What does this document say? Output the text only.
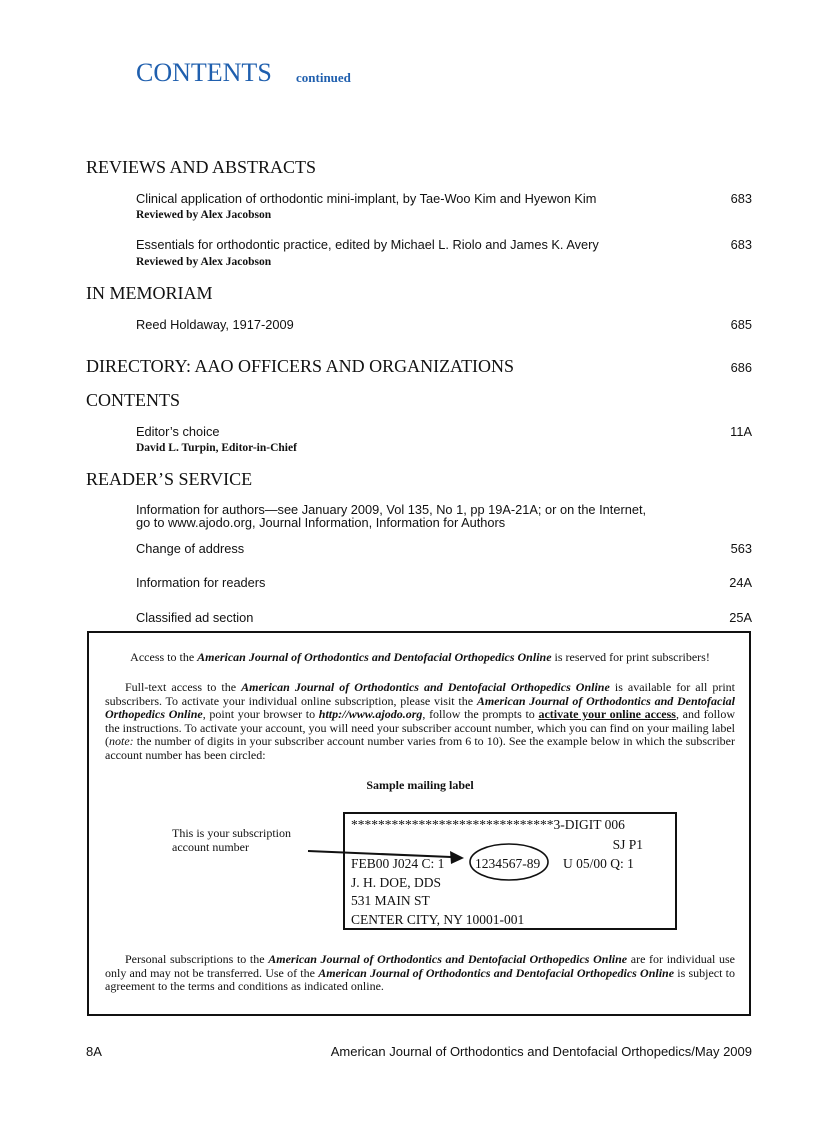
CONTENTS continued
REVIEWS AND ABSTRACTS
Clinical application of orthodontic mini-implant, by Tae-Woo Kim and Hyewon Kim	683
Reviewed by Alex Jacobson
Essentials for orthodontic practice, edited by Michael L. Riolo and James K. Avery	683
Reviewed by Alex Jacobson
IN MEMORIAM
Reed Holdaway, 1917-2009	685
DIRECTORY: AAO OFFICERS AND ORGANIZATIONS	686
CONTENTS
Editor’s choice	11A
David L. Turpin, Editor-in-Chief
READER’S SERVICE
Information for authors—see January 2009, Vol 135, No 1, pp 19A-21A; or on the Internet,
go to www.ajodo.org, Journal Information, Information for Authors
Change of address	563
Information for readers	24A
Classified ad section	25A
Access to the American Journal of Orthodontics and Dentofacial Orthopedics Online is reserved for print subscribers!
Full-text access to the American Journal of Orthodontics and Dentofacial Orthopedics Online is available for all print subscribers. To activate your individual online subscription, please visit the American Journal of Orthodontics and Dentofacial Orthopedics Online, point your browser to http://www.ajodo.org, follow the prompts to activate your online access, and follow the instructions. To activate your account, you will need your subscriber account number, which you can find on your mailing label (note: the number of digits in your subscriber account number varies from 6 to 10). See the example below in which the subscriber account number has been circled:
Sample mailing label
This is your subscription
account number
******************************3-DIGIT 006
SJ P1
FEB00 J024 C: 1 1234567-89 U 05/00 Q: 1
J. H. DOE, DDS
531 MAIN ST
CENTER CITY, NY 10001-001
Personal subscriptions to the American Journal of Orthodontics and Dentofacial Orthopedics Online are for individual use only and may not be transferred. Use of the American Journal of Orthodontics and Dentofacial Orthopedics Online is subject to agreement to the terms and conditions as indicated online.
8A	American Journal of Orthodontics and Dentofacial Orthopedics/May 2009
